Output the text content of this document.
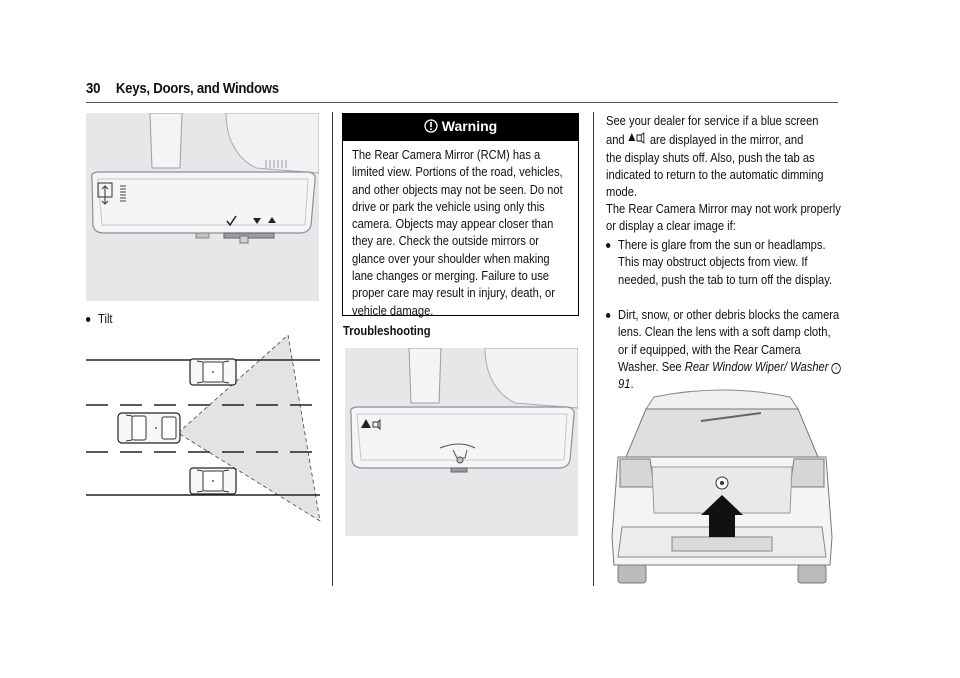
30 Keys, Doors, and Windows
Tilt
Warning
The Rear Camera Mirror (RCM) has a limited view. Portions of the road, vehicles, and other objects may not be seen. Do not drive or park the vehicle using only this camera. Objects may appear closer than they are. Check the outside mirrors or glance over your shoulder when making lane changes or merging. Failure to use proper care may result in injury, death, or vehicle damage.
Troubleshooting
See your dealer for service if a blue screen
and are displayed in the mirror, and
the display shuts off. Also, push the tab as indicated to return to the automatic dimming mode.
The Rear Camera Mirror may not work properly or display a clear image if:
There is glare from the sun or headlamps. This may obstruct objects from view. If needed, push the tab to turn off the display.
Dirt, snow, or other debris blocks the camera lens. Clean the lens with a soft damp cloth, or if equipped, with the Rear Camera Washer. See Rear Window Wiper/ Washer › 91.
